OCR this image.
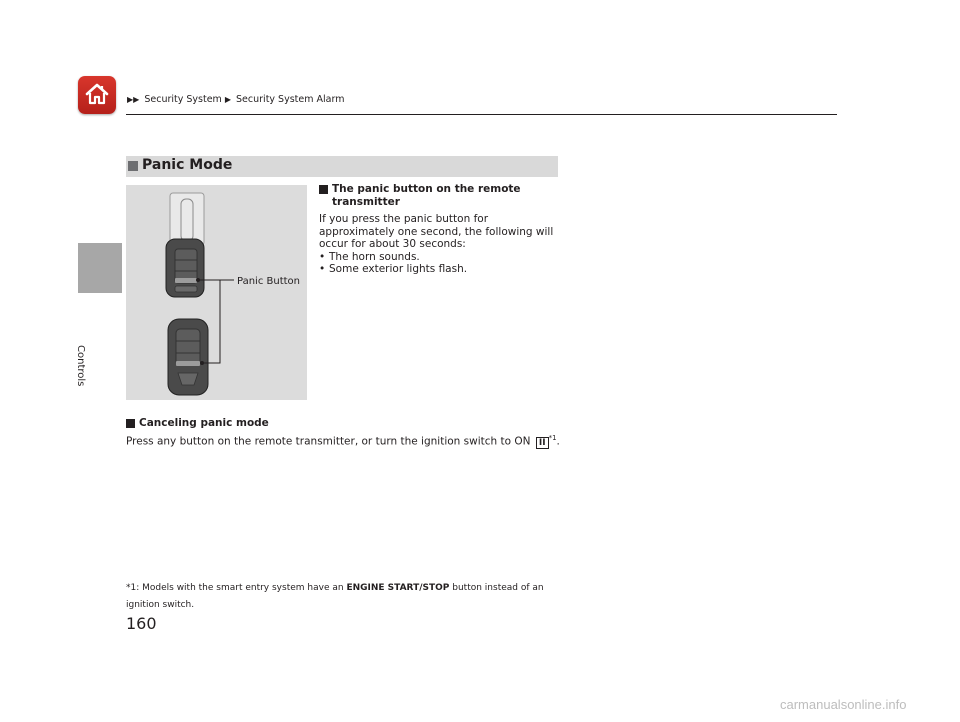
Controls
▶▶ Security System ▶ Security System Alarm
Panic Mode
Panic Button
The panic button on the remote
transmitter
If you press the panic button for approximately one second, the following will occur for about 30 seconds:
• The horn sounds.
• Some exterior lights flash.
Canceling panic mode
Press any button on the remote transmitter, or turn the ignition switch to ON II $^{*1}$.
*1: Models with the smart entry system have an ENGINE START/STOP button instead of an ignition switch.
160
carmanualsonline.info
